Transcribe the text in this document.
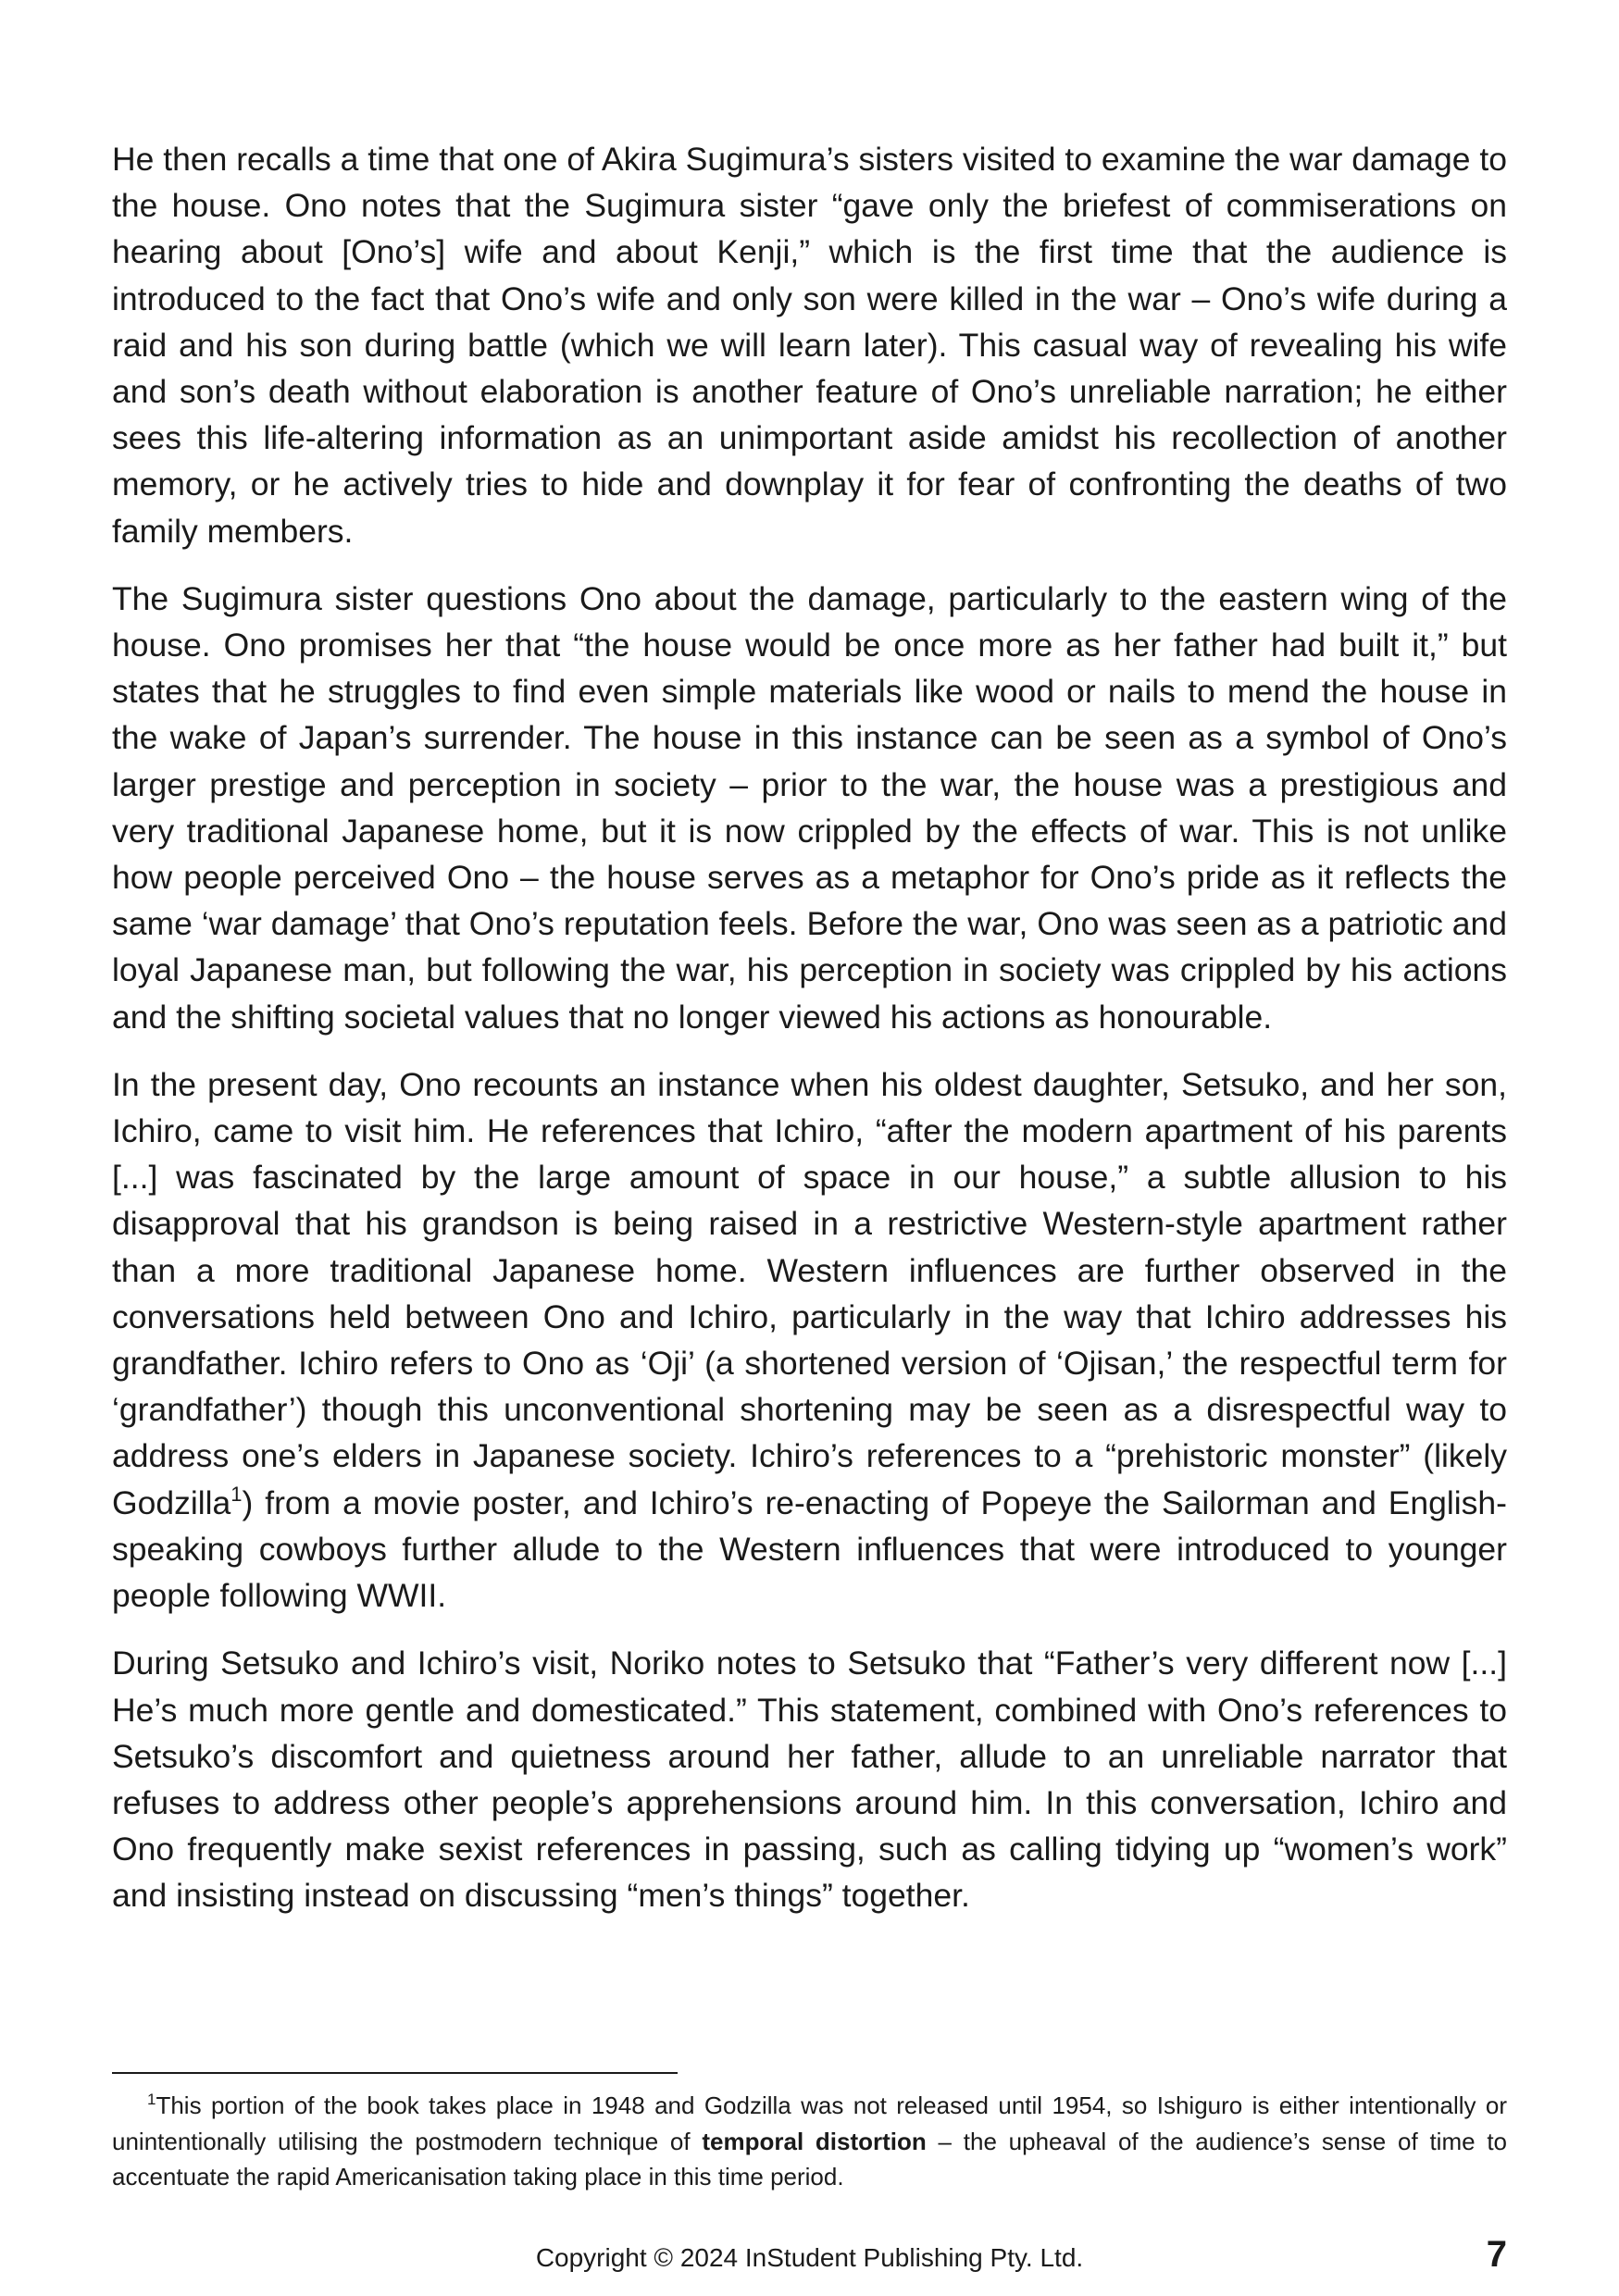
He then recalls a time that one of Akira Sugimura’s sisters visited to examine the war damage to the house. Ono notes that the Sugimura sister “gave only the briefest of commiserations on hearing about [Ono’s] wife and about Kenji,” which is the first time that the audience is introduced to the fact that Ono’s wife and only son were killed in the war – Ono’s wife during a raid and his son during battle (which we will learn later). This casual way of revealing his wife and son’s death without elaboration is another feature of Ono’s unreliable narration; he either sees this life-altering information as an unimportant aside amidst his recollection of another memory, or he actively tries to hide and downplay it for fear of confronting the deaths of two family members.

The Sugimura sister questions Ono about the damage, particularly to the eastern wing of the house. Ono promises her that “the house would be once more as her father had built it,” but states that he struggles to find even simple materials like wood or nails to mend the house in the wake of Japan’s surrender. The house in this instance can be seen as a symbol of Ono’s larger prestige and perception in society – prior to the war, the house was a prestigious and very traditional Japanese home, but it is now crippled by the effects of war. This is not unlike how people perceived Ono – the house serves as a metaphor for Ono’s pride as it reflects the same ‘war damage’ that Ono’s reputation feels. Before the war, Ono was seen as a patriotic and loyal Japanese man, but following the war, his perception in society was crippled by his actions and the shifting societal values that no longer viewed his actions as honourable.

In the present day, Ono recounts an instance when his oldest daughter, Setsuko, and her son, Ichiro, came to visit him. He references that Ichiro, “after the modern apartment of his parents [...] was fascinated by the large amount of space in our house,” a subtle allusion to his disapproval that his grandson is being raised in a restrictive Western-style apartment rather than a more traditional Japanese home. Western influences are further observed in the conversations held between Ono and Ichiro, particularly in the way that Ichiro addresses his grandfather. Ichiro refers to Ono as ‘Oji’ (a shortened version of ‘Ojisan,’ the respectful term for ‘grandfather’) though this unconventional shortening may be seen as a disrespectful way to address one’s elders in Japanese society. Ichiro’s references to a “prehistoric monster” (likely Godzilla$^1$) from a movie poster, and Ichiro’s re-enacting of Popeye the Sailorman and English-speaking cowboys further allude to the Western influences that were introduced to younger people following WWII.

During Setsuko and Ichiro’s visit, Noriko notes to Setsuko that “Father’s very different now [...] He’s much more gentle and domesticated.” This statement, combined with Ono’s references to Setsuko’s discomfort and quietness around her father, allude to an unreliable narrator that refuses to address other people’s apprehensions around him. In this conversation, Ichiro and Ono frequently make sexist references in passing, such as calling tidying up “women’s work” and insisting instead on discussing “men’s things” together.

$^1$This portion of the book takes place in 1948 and Godzilla was not released until 1954, so Ishiguro is either intentionally or unintentionally utilising the postmodern technique of temporal distortion – the upheaval of the audience’s sense of time to accentuate the rapid Americanisation taking place in this time period.
Copyright © 2024 InStudent Publishing Pty. Ltd.	7
